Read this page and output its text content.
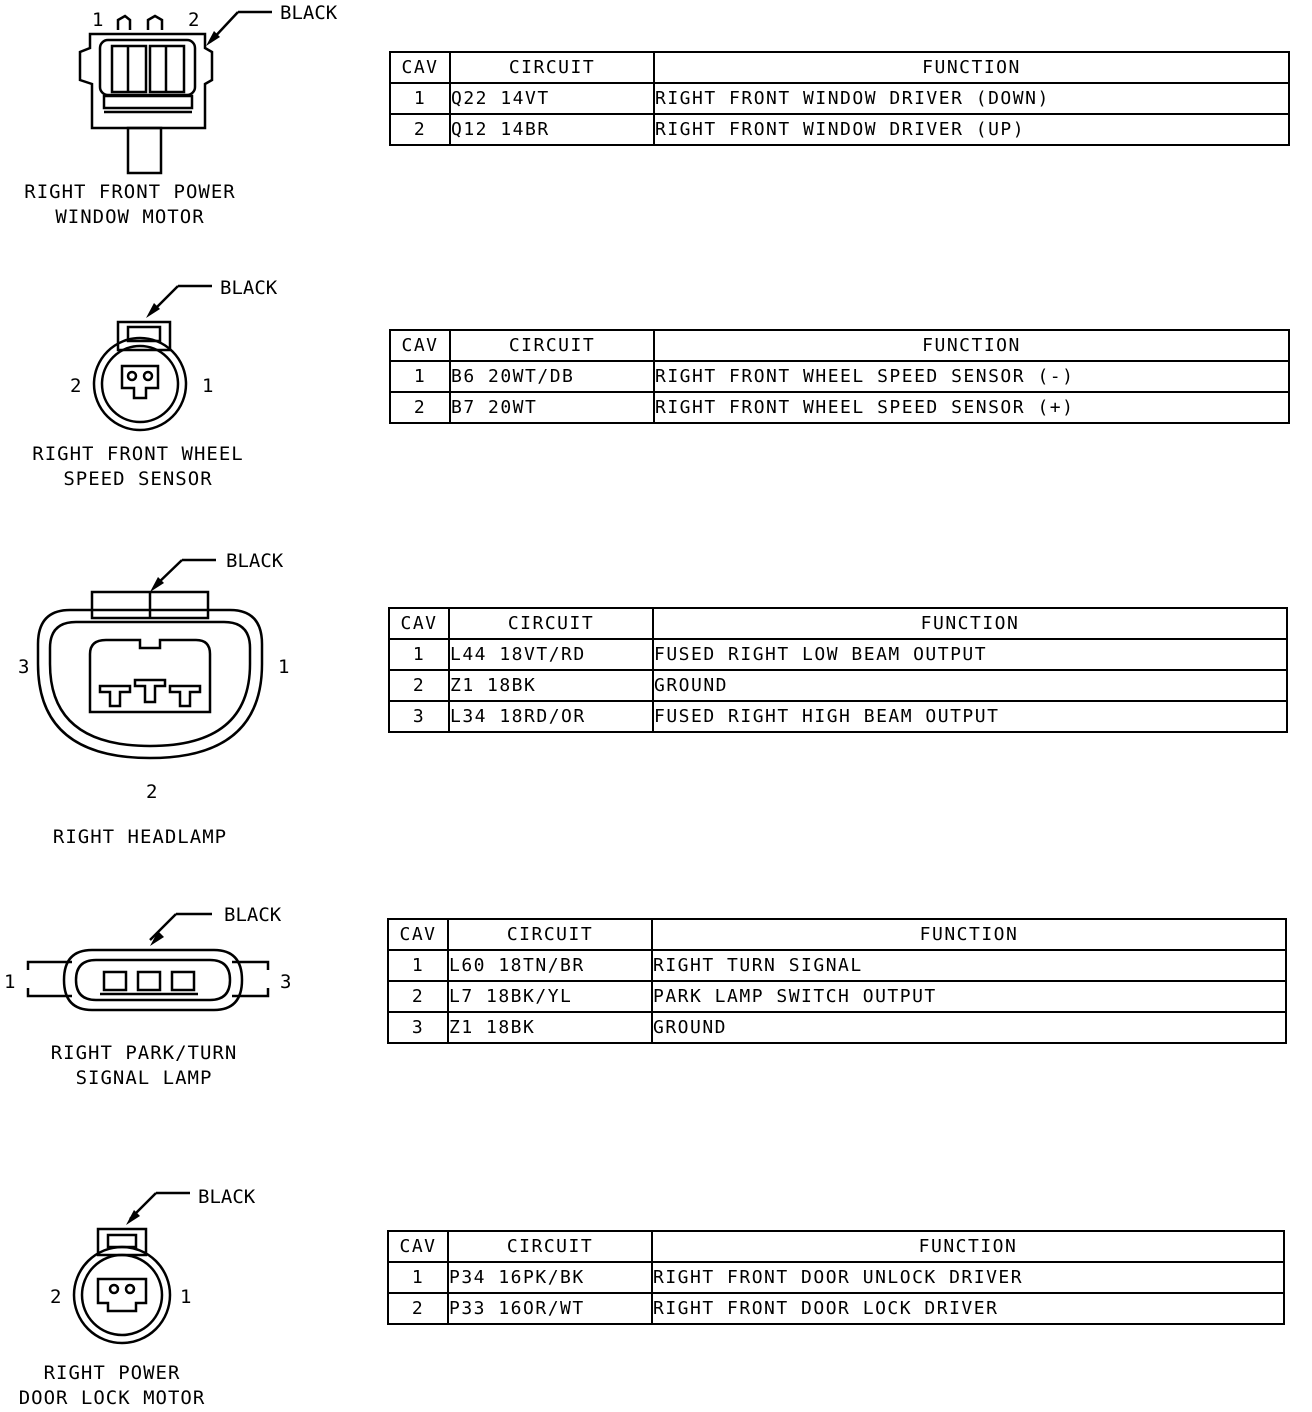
1	2	BLACK
RIGHT FRONT POWER
WINDOW MOTOR
CAV	CIRCUIT	FUNCTION
1	Q22 14VT	RIGHT FRONT WINDOW DRIVER (DOWN)
2	Q12 14BR	RIGHT FRONT WINDOW DRIVER (UP)
2	1
BLACK
RIGHT FRONT WHEEL
SPEED SENSOR
CAV	CIRCUIT	FUNCTION
1	B6 20WT/DB	RIGHT FRONT WHEEL SPEED SENSOR (-)
2	B7 20WT	RIGHT FRONT WHEEL SPEED SENSOR (+)
3	1
2
BLACK
RIGHT HEADLAMP
CAV	CIRCUIT	FUNCTION
1	L44 18VT/RD	FUSED RIGHT LOW BEAM OUTPUT
2	Z1 18BK	GROUND
3	L34 18RD/OR	FUSED RIGHT HIGH BEAM OUTPUT
1	3
BLACK
RIGHT PARK/TURN
SIGNAL LAMP
CAV	CIRCUIT	FUNCTION
1	L60 18TN/BR	RIGHT TURN SIGNAL
2	L7 18BK/YL	PARK LAMP SWITCH OUTPUT
3	Z1 18BK	GROUND
2	1
BLACK
RIGHT POWER
DOOR LOCK MOTOR
CAV	CIRCUIT	FUNCTION
1	P34 16PK/BK	RIGHT FRONT DOOR UNLOCK DRIVER
2	P33 16OR/WT	RIGHT FRONT DOOR LOCK DRIVER
